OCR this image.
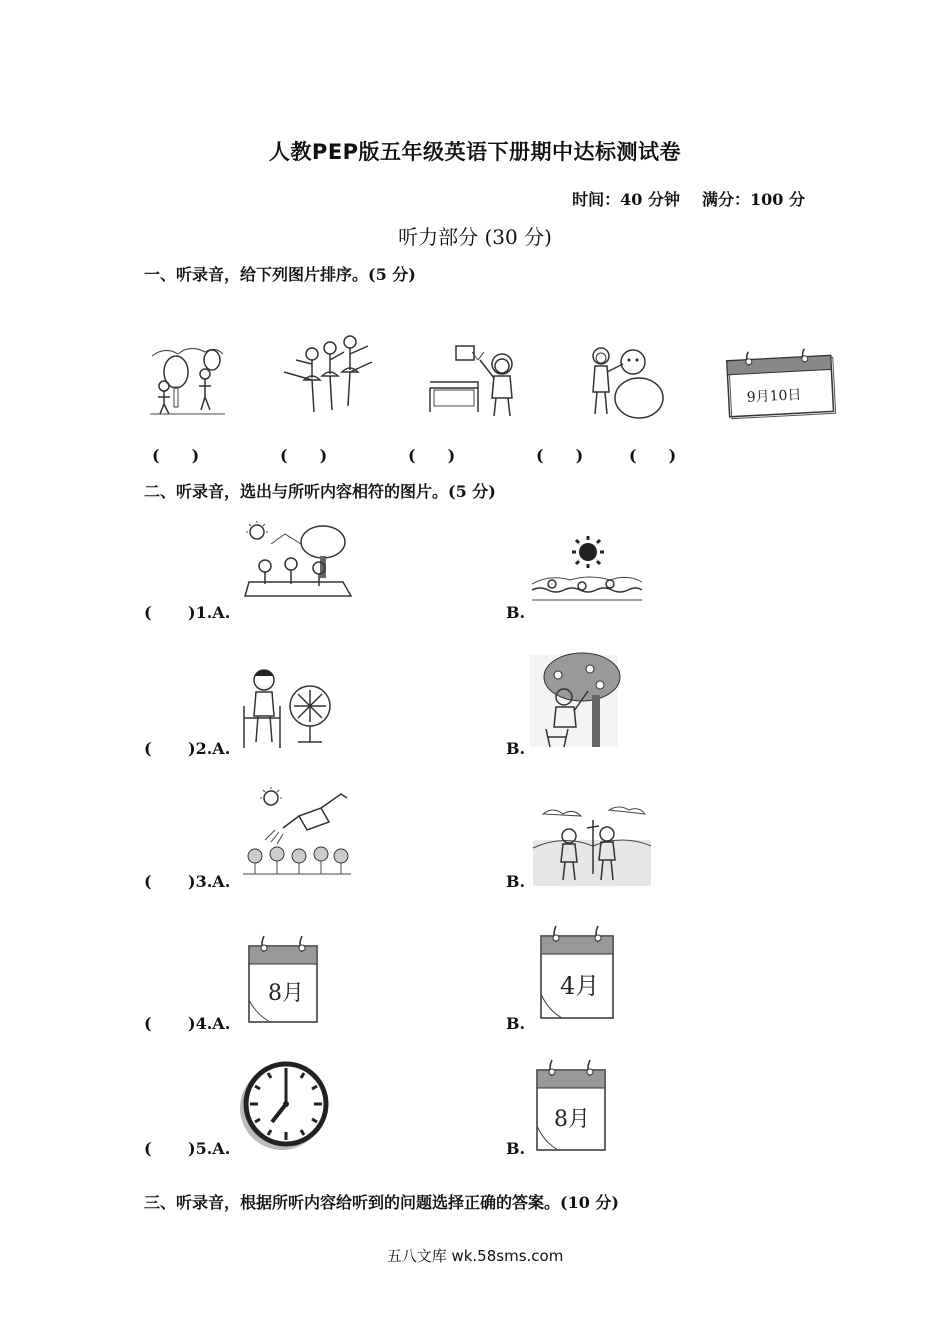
人教PEP版五年级英语下册期中达标测试卷
时间：40 分钟 满分：100 分
听力部分 (30 分)
一、听录音，给下列图片排序。(5 分)
9月10日
(　　)	(　　)	(　　)	(　　)	(　　)
二、听录音，选出与所听内容相符的图片。(5 分)
( )1.A.	B.
( )2.A.	B.
( )3.A.	B.
8月	4月
( )4.A.	B.
8月
( )5.A.	B.
三、听录音，根据所听内容给听到的问题选择正确的答案。(10 分)
五八文库 wk.58sms.com
